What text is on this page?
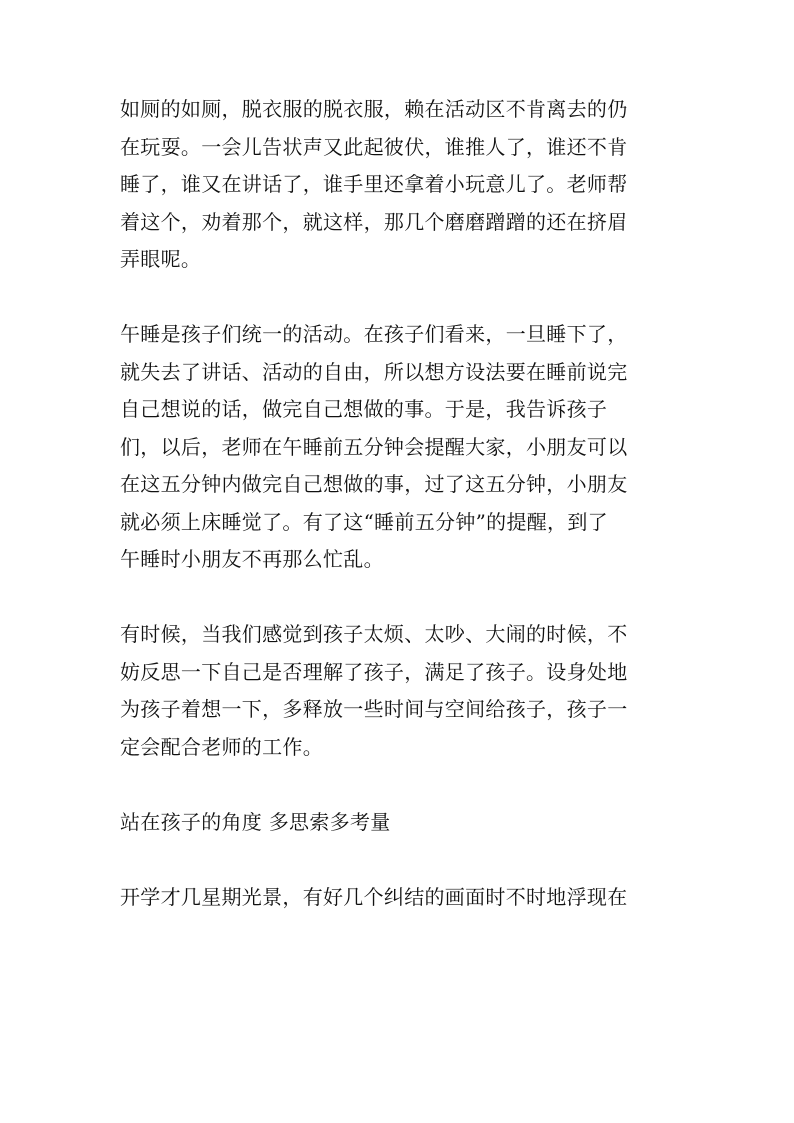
如厕的如厕，脱衣服的脱衣服，赖在活动区不肯离去的仍
在玩耍。一会儿告状声又此起彼伏，谁推人了，谁还不肯
睡了，谁又在讲话了，谁手里还拿着小玩意儿了。老师帮
着这个，劝着那个，就这样，那几个磨磨蹭蹭的还在挤眉
弄眼呢。
午睡是孩子们统一的活动。在孩子们看来，一旦睡下了，
就失去了讲话、活动的自由，所以想方设法要在睡前说完
自己想说的话，做完自己想做的事。于是，我告诉孩子
们，以后，老师在午睡前五分钟会提醒大家，小朋友可以
在这五分钟内做完自己想做的事，过了这五分钟，小朋友
就必须上床睡觉了。有了这“睡前五分钟”的提醒，到了
午睡时小朋友不再那么忙乱。
有时候，当我们感觉到孩子太烦、太吵、大闹的时候，不
妨反思一下自己是否理解了孩子，满足了孩子。设身处地
为孩子着想一下，多释放一些时间与空间给孩子，孩子一
定会配合老师的工作。
站在孩子的角度 多思索多考量
开学才几星期光景，有好几个纠结的画面时不时地浮现在
